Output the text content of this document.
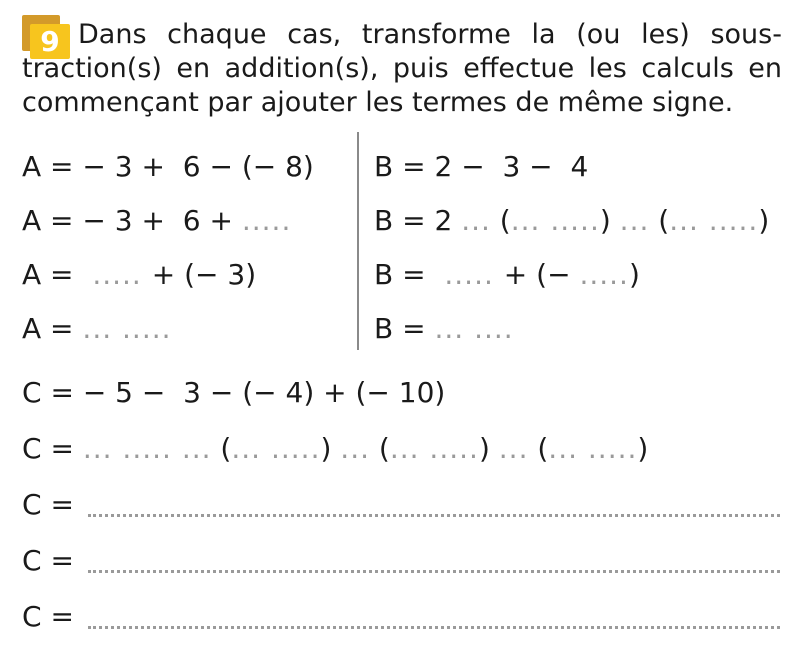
9 Dans chaque cas, transforme la (ou les) soustraction(s) en addition(s), puis effectue les calculs en commençant par ajouter les termes de même signe.
A = − 3 +  6 − (− 8)
A = − 3 +  6 + .....
A =  ..... + (− 3)
A = ... .....
B = 2 −  3 −  4
B = 2 ... (... .....) ... (... .....)
B =  ..... + (− .....)
B = ... ....
C = − 5 −  3 − (− 4) + (− 10)
C = ... ..... ... (... .....) ... (... .....) ... (... .....)
C =
C =
C =
